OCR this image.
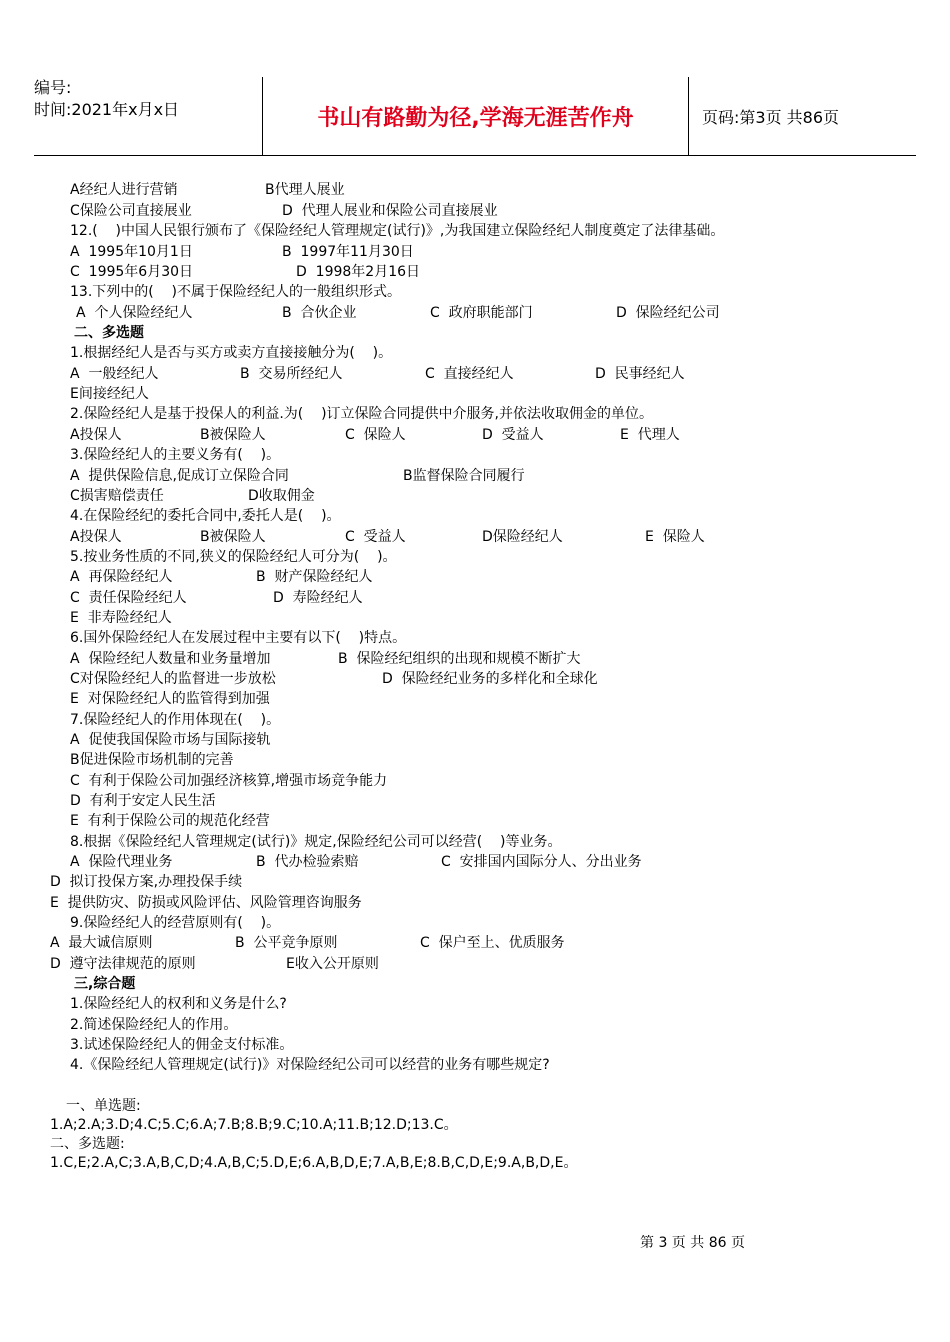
编号:
时间:2021年x月x日	书山有路勤为径,学海无涯苦作舟	页码:第3页 共86页
A经纪人进行营销	B代理人展业
C保险公司直接展业	D  代理人展业和保险公司直接展业
12.(    )中国人民银行颁布了《保险经纪人管理规定(试行)》,为我国建立保险经纪人制度奠定了法律基础。
A  1995年10月1日	B  1997年11月30日
C  1995年6月30日	D  1998年2月16日
13.下列中的(    )不属于保险经纪人的一般组织形式。
A  个人保险经纪人	B  合伙企业	C  政府职能部门	D  保险经纪公司
二、多选题
1.根据经纪人是否与买方或卖方直接接触分为(    )。
A  一般经纪人	B  交易所经纪人	C  直接经纪人	D  民事经纪人
E间接经纪人
2.保险经纪人是基于投保人的利益.为(    )订立保险合同提供中介服务,并依法收取佣金的单位。
A投保人	B被保险人	C  保险人	D  受益人	E  代理人
3.保险经纪人的主要义务有(    )。
A  提供保险信息,促成订立保险合同	B监督保险合同履行
C损害赔偿责任	D收取佣金
4.在保险经纪的委托合同中,委托人是(    )。
A投保人	B被保险人	C  受益人	D保险经纪人	E  保险人
5.按业务性质的不同,狭义的保险经纪人可分为(    )。
A  再保险经纪人	B  财产保险经纪人
C  责任保险经纪人	D  寿险经纪人
E  非寿险经纪人
6.国外保险经纪人在发展过程中主要有以下(    )特点。
A  保险经纪人数量和业务量增加	B  保险经纪组织的出现和规模不断扩大
C对保险经纪人的监督进一步放松	D  保险经纪业务的多样化和全球化
E  对保险经纪人的监管得到加强
7.保险经纪人的作用体现在(    )。
A  促使我国保险市场与国际接轨
B促进保险市场机制的完善
C  有利于保险公司加强经济核算,增强市场竞争能力
D  有利于安定人民生活
E  有利于保险公司的规范化经营
8.根据《保险经纪人管理规定(试行)》规定,保险经纪公司可以经营(    )等业务。
A  保险代理业务	B  代办检验索赔	C  安排国内国际分人、分出业务
D  拟订投保方案,办理投保手续
E  提供防灾、防损或风险评估、风险管理咨询服务
9.保险经纪人的经营原则有(    )。
A  最大诚信原则	B  公平竞争原则	C  保户至上、优质服务
D  遵守法律规范的原则	E收入公开原则
三,综合题
1.保险经纪人的权利和义务是什么?
2.简述保险经纪人的作用。
3.试述保险经纪人的佣金支付标准。
4.《保险经纪人管理规定(试行)》对保险经纪公司可以经营的业务有哪些规定?
一、单选题:
1.A;2.A;3.D;4.C;5.C;6.A;7.B;8.B;9.C;10.A;11.B;12.D;13.C。
二、多选题:
1.C,E;2.A,C;3.A,B,C,D;4.A,B,C;5.D,E;6.A,B,D,E;7.A,B,E;8.B,C,D,E;9.A,B,D,E。
第 3 页 共 86 页
